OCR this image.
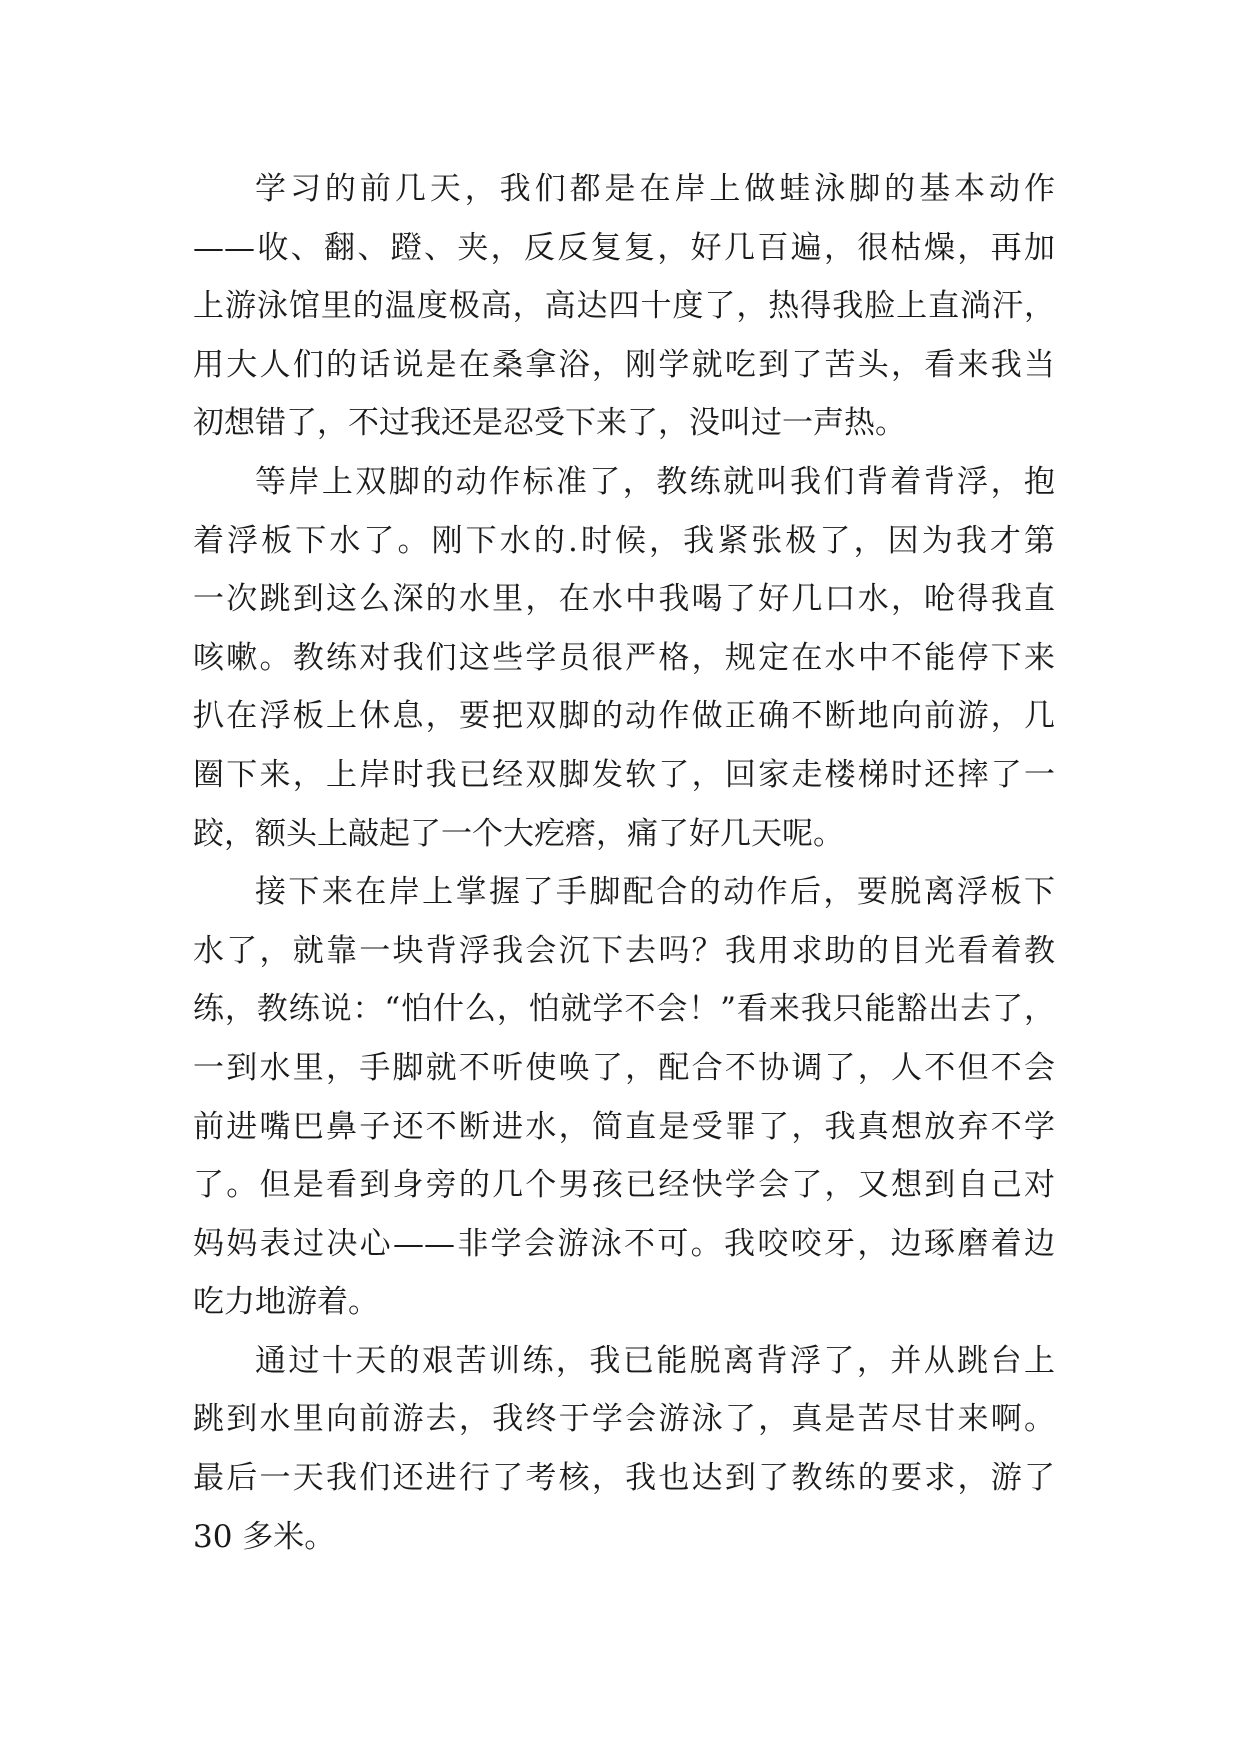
学习的前几天，我们都是在岸上做蛙泳脚的基本动作
——收、翻、蹬、夹，反反复复，好几百遍，很枯燥，再加
上游泳馆里的温度极高，高达四十度了，热得我脸上直淌汗，
用大人们的话说是在桑拿浴，刚学就吃到了苦头，看来我当
初想错了，不过我还是忍受下来了，没叫过一声热。
等岸上双脚的动作标准了，教练就叫我们背着背浮，抱
着浮板下水了。刚下水的.时候，我紧张极了，因为我才第
一次跳到这么深的水里，在水中我喝了好几口水，呛得我直
咳嗽。教练对我们这些学员很严格，规定在水中不能停下来
扒在浮板上休息，要把双脚的动作做正确不断地向前游，几
圈下来，上岸时我已经双脚发软了，回家走楼梯时还摔了一
跤，额头上敲起了一个大疙瘩，痛了好几天呢。
接下来在岸上掌握了手脚配合的动作后，要脱离浮板下
水了，就靠一块背浮我会沉下去吗？我用求助的目光看着教
练，教练说：“怕什么，怕就学不会！”看来我只能豁出去了，
一到水里，手脚就不听使唤了，配合不协调了，人不但不会
前进嘴巴鼻子还不断进水，简直是受罪了，我真想放弃不学
了。但是看到身旁的几个男孩已经快学会了，又想到自己对
妈妈表过决心——非学会游泳不可。我咬咬牙，边琢磨着边
吃力地游着。
通过十天的艰苦训练，我已能脱离背浮了，并从跳台上
跳到水里向前游去，我终于学会游泳了，真是苦尽甘来啊。
最后一天我们还进行了考核，我也达到了教练的要求，游了
30 多米。
